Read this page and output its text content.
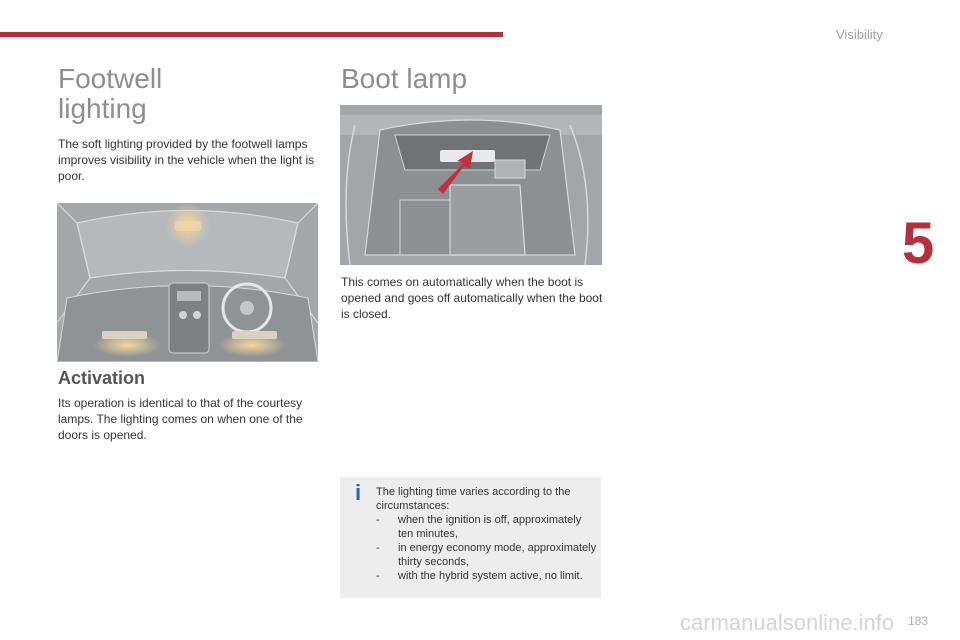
Visibility
5
Footwell
lighting

The soft lighting provided by the footwell lamps improves visibility in the vehicle when the light is poor.

Activation

Its operation is identical to that of the courtesy lamps. The lighting comes on when one of the doors is opened.

Boot lamp

This comes on automatically when the boot is opened and goes off automatically when the boot is closed.

i The lighting time varies according to the circumstances:
-	when the ignition is off, approximately ten minutes,
-	in energy economy mode, approximately thirty seconds,
-	with the hybrid system active, no limit.
carmanualsonline.info 183
